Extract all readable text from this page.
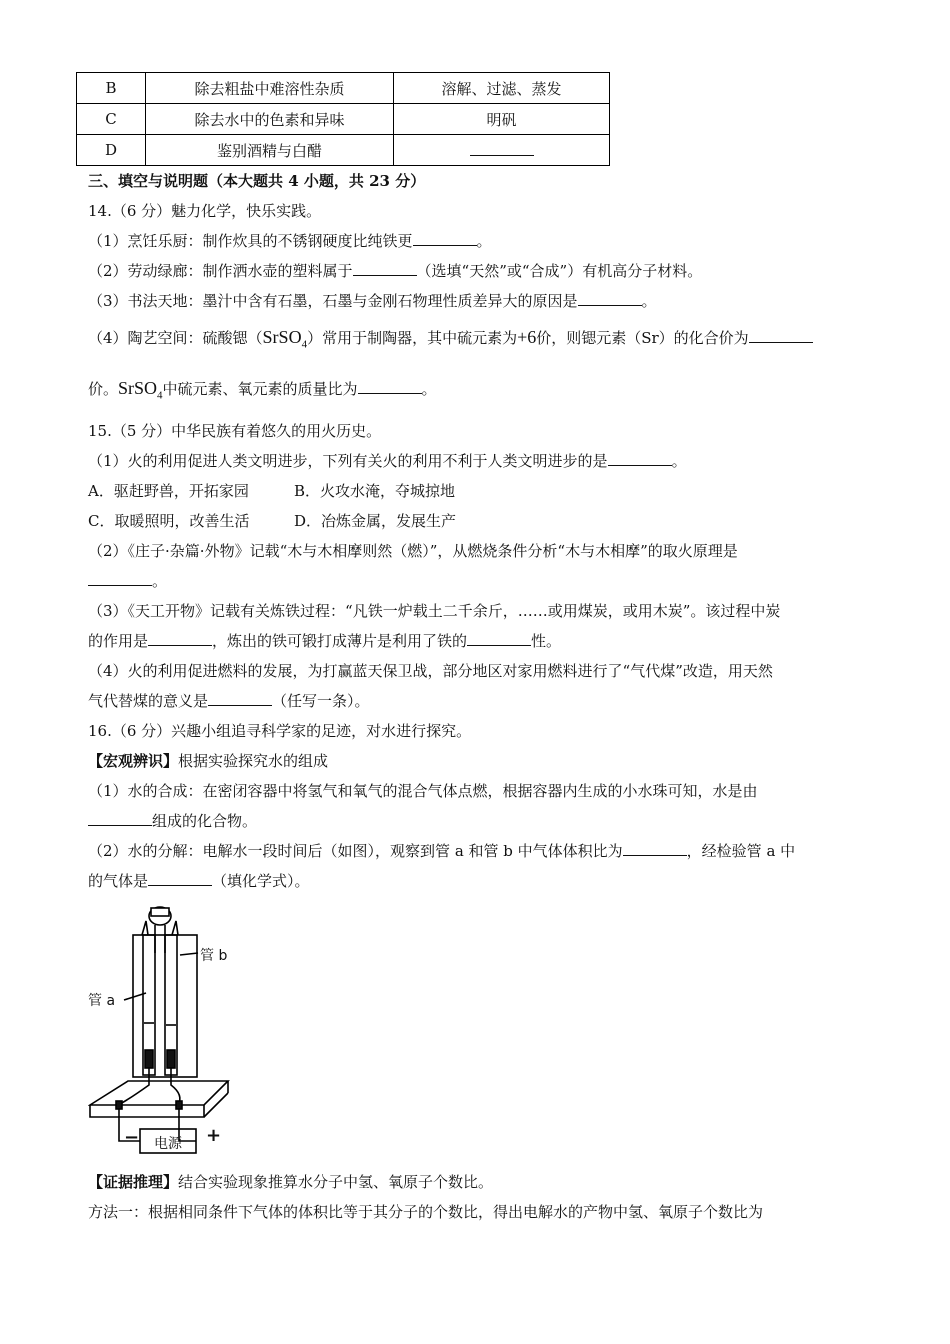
B	除去粗盐中难溶性杂质	溶解、过滤、蒸发
C	除去水中的色素和异味	明矾
D	鉴别酒精与白醋	
三、填空与说明题（本大题共 4 小题，共 23 分）
14.（6 分）魅力化学，快乐实践。
（1）烹饪乐厨：制作炊具的不锈钢硬度比纯铁更	。
（2）劳动绿廊：制作洒水壶的塑料属于	（选填“天然”或“合成”）有机高分子材料。
（3）书法天地：墨汁中含有石墨，石墨与金刚石物理性质差异大的原因是	。
（4）陶艺空间：硫酸锶（SrSO$_4$）常用于制陶器，其中硫元素为+6价，则锶元素（Sr）的化合价为
价。SrSO$_4$中硫元素、氧元素的质量比为	。
15.（5 分）中华民族有着悠久的用火历史。
（1）火的利用促进人类文明进步，下列有关火的利用不利于人类文明进步的是	。
A．驱赶野兽，开拓家园	B．火攻水淹，夺城掠地
C．取暖照明，改善生活	D．冶炼金属，发展生产
（2）《庄子·杂篇·外物》记载“木与木相摩则然（燃）”，从燃烧条件分析“木与木相摩”的取火原理是
。
（3）《天工开物》记载有关炼铁过程：“凡铁一炉载土二千余斤，……或用煤炭，或用木炭”。该过程中炭
的作用是	，炼出的铁可锻打成薄片是利用了铁的	性。
（4）火的利用促进燃料的发展，为打赢蓝天保卫战，部分地区对家用燃料进行了“气代煤”改造，用天然
气代替煤的意义是	（任写一条）。
16.（6 分）兴趣小组追寻科学家的足迹，对水进行探究。
【宏观辨识】根据实验探究水的组成
（1）水的合成：在密闭容器中将氢气和氧气的混合气体点燃，根据容器内生成的小水珠可知，水是由
组成的化合物。
（2）水的分解：电解水一段时间后（如图），观察到管 a 和管 b 中气体体积比为	，经检验管 a 中
的气体是	（填化学式）。
管 a
管 b
电源
−	+
【证据推理】结合实验现象推算水分子中氢、氧原子个数比。
方法一：根据相同条件下气体的体积比等于其分子的个数比，得出电解水的产物中氢、氧原子个数比为
